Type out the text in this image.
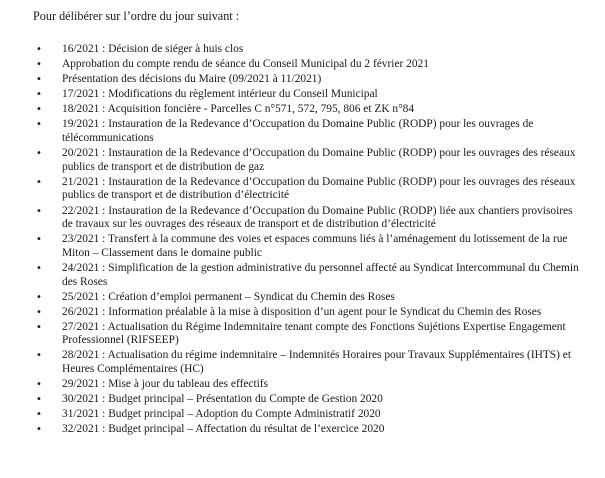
Pour délibérer sur l’ordre du jour suivant :
• 16/2021 : Décision de siéger à huis clos
• Approbation du compte rendu de séance du Conseil Municipal du 2 février 2021
• Présentation des décisions du Maire (09/2021 à 11/2021)
• 17/2021 : Modifications du règlement intérieur du Conseil Municipal
• 18/2021 : Acquisition foncière - Parcelles C n°571, 572, 795, 806 et ZK n°84
• 19/2021 : Instauration de la Redevance d’Occupation du Domaine Public (RODP) pour les ouvrages de télécommunications
• 20/2021 : Instauration de la Redevance d’Occupation du Domaine Public (RODP) pour les ouvrages des réseaux publics de transport et de distribution de gaz
• 21/2021 : Instauration de la Redevance d’Occupation du Domaine Public (RODP) pour les ouvrages des réseaux publics de transport et de distribution d’électricité
• 22/2021 : Instauration de la Redevance d’Occupation du Domaine Public (RODP) liée aux chantiers provisoires de travaux sur les ouvrages des réseaux de transport et de distribution d’électricité
• 23/2021 : Transfert à la commune des voies et espaces communs liés à l’aménagement du lotissement de la rue Miton – Classement dans le domaine public
• 24/2021 : Simplification de la gestion administrative du personnel affecté au Syndicat Intercommunal du Chemin des Roses
• 25/2021 : Création d’emploi permanent – Syndicat du Chemin des Roses
• 26/2021 : Information préalable à la mise à disposition d’un agent pour le Syndicat du Chemin des Roses
• 27/2021 : Actualisation du Régime Indemnitaire tenant compte des Fonctions Sujétions Expertise Engagement Professionnel (RIFSEEP)
• 28/2021 : Actualisation du régime indemnitaire – Indemnités Horaires pour Travaux Supplémentaires (IHTS) et Heures Complémentaires (HC)
• 29/2021 : Mise à jour du tableau des effectifs
• 30/2021 : Budget principal – Présentation du Compte de Gestion 2020
• 31/2021 : Budget principal – Adoption du Compte Administratif 2020
• 32/2021 : Budget principal – Affectation du résultat de l’exercice 2020
